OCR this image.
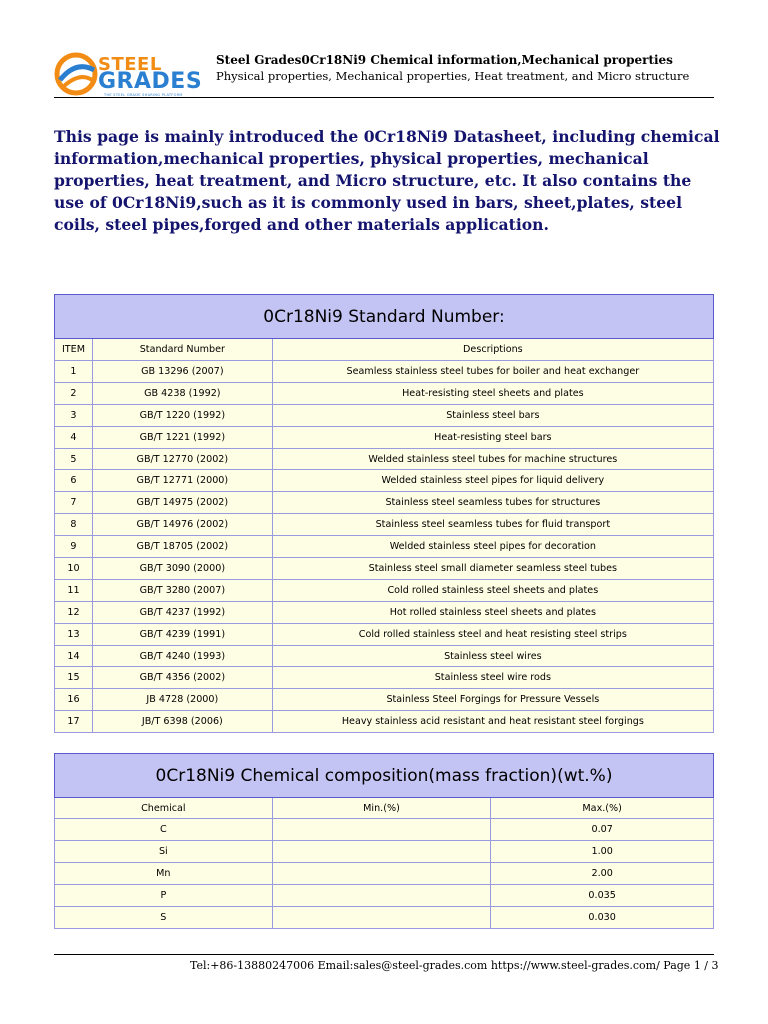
STEEL
GRADES
THE STEEL GRADE SHARING PLATFORM
Steel Grades0Cr18Ni9 Chemical information,Mechanical properties
Physical properties, Mechanical properties, Heat treatment, and Micro structure
This page is mainly introduced the 0Cr18Ni9 Datasheet, including chemical information,mechanical properties, physical properties, mechanical properties, heat treatment, and Micro structure, etc. It also contains the use of 0Cr18Ni9,such as it is commonly used in bars, sheet,plates, steel coils, steel pipes,forged and other materials application.
0Cr18Ni9 Standard Number:		
ITEM	Standard Number	Descriptions
1	GB 13296 (2007)	Seamless stainless steel tubes for boiler and heat exchanger
2	GB 4238 (1992)	Heat-resisting steel sheets and plates
3	GB/T 1220 (1992)	Stainless steel bars
4	GB/T 1221 (1992)	Heat-resisting steel bars
5	GB/T 12770 (2002)	Welded stainless steel tubes for machine structures
6	GB/T 12771 (2000)	Welded stainless steel pipes for liquid delivery
7	GB/T 14975 (2002)	Stainless steel seamless tubes for structures
8	GB/T 14976 (2002)	Stainless steel seamless tubes for fluid transport
9	GB/T 18705 (2002)	Welded stainless steel pipes for decoration
10	GB/T 3090 (2000)	Stainless steel small diameter seamless steel tubes
11	GB/T 3280 (2007)	Cold rolled stainless steel sheets and plates
12	GB/T 4237 (1992)	Hot rolled stainless steel sheets and plates
13	GB/T 4239 (1991)	Cold rolled stainless steel and heat resisting steel strips
14	GB/T 4240 (1993)	Stainless steel wires
15	GB/T 4356 (2002)	Stainless steel wire rods
16	JB 4728 (2000)	Stainless Steel Forgings for Pressure Vessels
17	JB/T 6398 (2006)	Heavy stainless acid resistant and heat resistant steel forgings
0Cr18Ni9 Chemical composition(mass fraction)(wt.%)		
Chemical	Min.(%)	Max.(%)
C		0.07
Si		1.00
Mn		2.00
P		0.035
S		0.030
Tel:+86-13880247006 Email:sales@steel-grades.com https://www.steel-grades.com/ Page 1 / 3
